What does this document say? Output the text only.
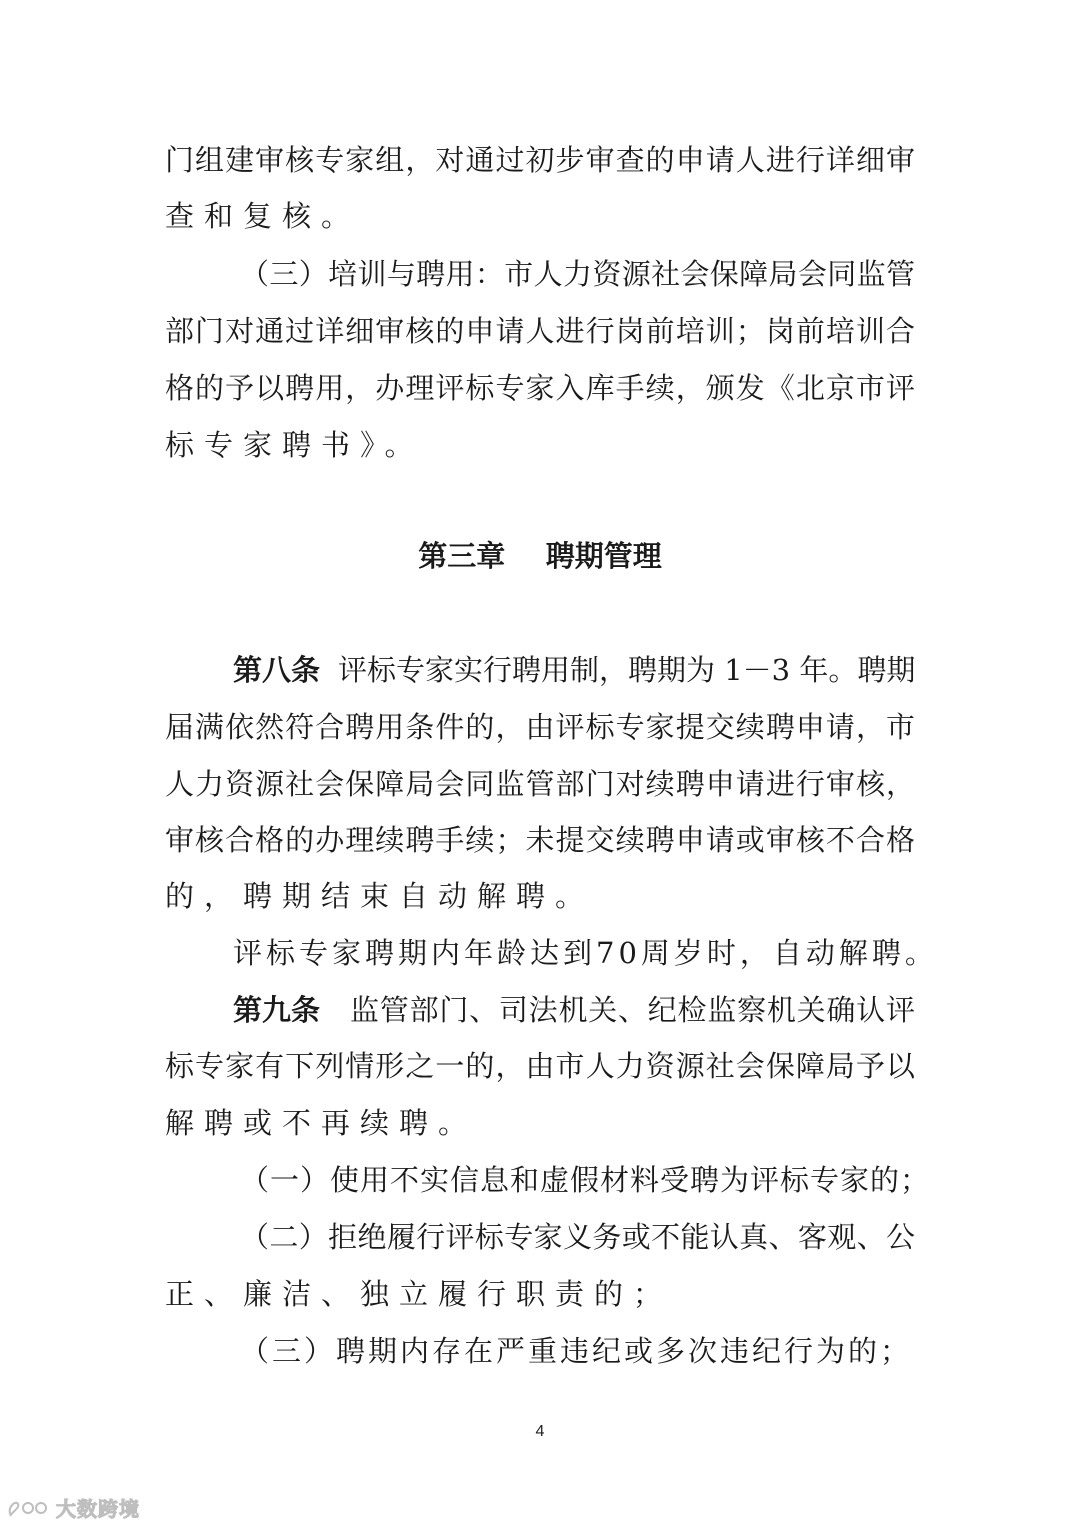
门组建审核专家组，对通过初步审查的申请人进行详细审
查和复核。
（三）培训与聘用：市人力资源社会保障局会同监管
部门对通过详细审核的申请人进行岗前培训；岗前培训合
格的予以聘用，办理评标专家入库手续，颁发《北京市评
标专家聘书》。
第三章 聘期管理
第八条 评标专家实行聘用制，聘期为 1－3 年。聘期
届满依然符合聘用条件的，由评标专家提交续聘申请，市
人力资源社会保障局会同监管部门对续聘申请进行审核，
审核合格的办理续聘手续；未提交续聘申请或审核不合格
的，聘期结束自动解聘。
评标专家聘期内年龄达到70周岁时，自动解聘。
第九条 监管部门、司法机关、纪检监察机关确认评
标专家有下列情形之一的，由市人力资源社会保障局予以
解聘或不再续聘。
（一）使用不实信息和虚假材料受聘为评标专家的；
（二）拒绝履行评标专家义务或不能认真、客观、公
正、廉洁、独立履行职责的；
（三）聘期内存在严重违纪或多次违纪行为的；
4
大数跨境
